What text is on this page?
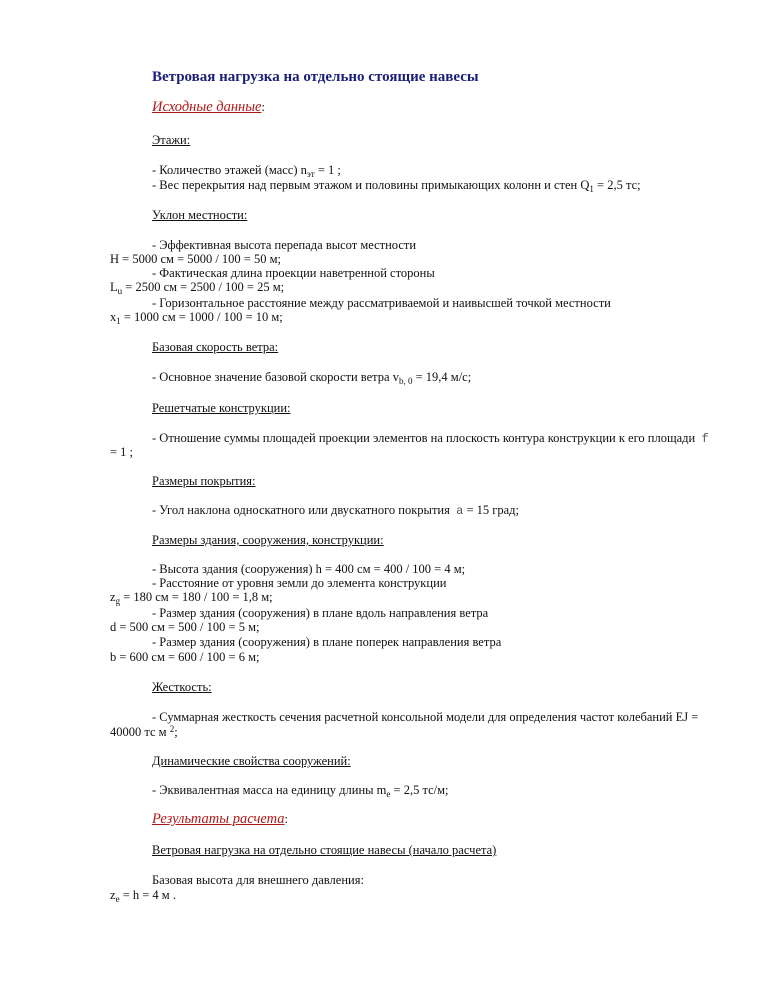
Ветровая нагрузка на отдельно стоящие навесы
Исходные данные:
Этажи:
- Количество этажей (масс) $n_{эт} = 1$ ;
- Вес перекрытия над первым этажом и половины примыкающих колонн и стен $Q_1 = 2,5$ тс;
Уклон местности:
- Эффективная высота перепада высот местности
H = 5000 см = 5000 / 100 = 50 м;
- Фактическая длина проекции наветренной стороны
$L_u = 2500$ см = 2500 / 100 = 25 м;
- Горизонтальное расстояние между рассматриваемой и наивысшей точкой местности
$x_1 = 1000$ см = 1000 / 100 = 10 м;
Базовая скорость ветра:
- Основное значение базовой скорости ветра $v_{b, 0} = 19,4$ м/с;
Решетчатые конструкции:
- Отношение суммы площадей проекции элементов на плоскость контура конструкции к его площади f
= 1 ;
Размеры покрытия:
- Угол наклона односкатного или двускатного покрытия a = 15 град;
Размеры здания, сооружения, конструкции:
- Высота здания (сооружения) h = 400 см = 400 / 100 = 4 м;
- Расстояние от уровня земли до элемента конструкции
$z_g = 180$ см = 180 / 100 = 1,8 м;
- Размер здания (сооружения) в плане вдоль направления ветра
d = 500 см = 500 / 100 = 5 м;
- Размер здания (сооружения) в плане поперек направления ветра
b = 600 см = 600 / 100 = 6 м;
Жесткость:
- Суммарная жесткость сечения расчетной консольной модели для определения частот колебаний EJ =
40000 тс м $^2$;
Динамические свойства сооружений:
- Эквивалентная масса на единицу длины $m_e = 2,5$ тс/м;
Результаты расчета:
Ветровая нагрузка на отдельно стоящие навесы (начало расчета)
Базовая высота для внешнего давления:
$z_e = h = 4$ м .
